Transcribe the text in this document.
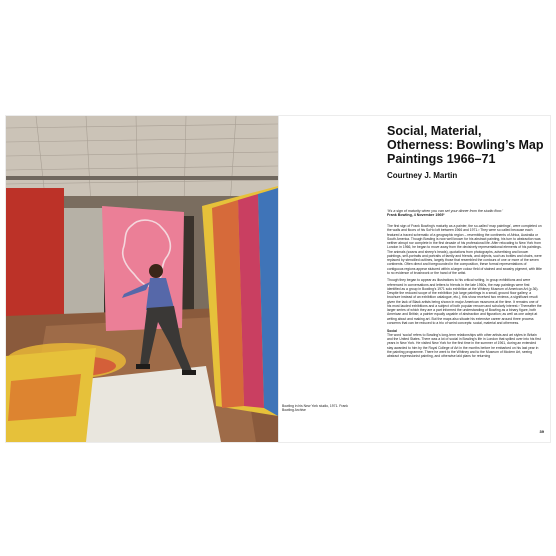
Social, Material, Otherness: Bowling’s Map Paintings 1966–71
Courtney J. Martin
‘It’s a sign of maturity when you can set your dinner from the studio floor.’
Frank Bowling, 4 November 1969¹

The first sign of Frank Bowling’s maturity as a painter, the so-called ‘map paintings’, were completed on the walls and floors of his SoHo loft between 1966 and 1971.² They were so called because each featured a traced schematic of a geographic region – resembling the continents of Africa, Australia or South America. Though Bowling is now well known for his abstract painting, his turn to abstraction was neither abrupt nor complete in the first decade of his professional life. After relocating to New York from London in 1966, he began to move away from the decisively representational elements of his paintings. The animals (swans and sheep’s heads), quotations from photographs, advertising and known paintings, self-portraits and portraits of family and friends, and objects, such as bottles and chairs, were replaced by stencilled outlines, largely those that resembled the contours of one or more of the seven continents. Often direct and foregrounded in the composition, these formal representations of contiguous regions appear stutured within a larger colour field of stained and swashy pigment, with little to no evidence of brushwork or the hand of the artist.

Though they began to appear as illustrations to his critical writing, in group exhibitions and were referenced in conversations and letters to friends in the late 1960s, the map paintings were first identified as a group in Bowling’s 1971 solo exhibition at the Whitney Museum of American Art (p.36). Despite the reduced scope of the exhibition (six large paintings in a small, ground floor gallery; a brochure instead of an exhibition catalogue, etc.), this show received two reviews, a significant result given the lack of Black artists being shown in major American museums at the time. It remains one of his most lauded exhibitions and a subject of both popular renown and scholarly interest.³ Thereafter the larger series of which they are a part informed the understanding of Bowling as a binary figure, both American and British; a painter equally capable of abstraction and figuration; as well as one adept at writing about and making art. But the maps also situate his extensive career around three process concerns that can be reduced to a trio of weird concepts: social, material and otherness.

Social

The word ‘social’ refers to Bowling’s long-term relationships with other artists and art styles in Britain and the United States. There was a lot of social in Bowling’s life in London that spilled over into his first years in New York. He visited New York for the first time in the summer of 1961, during an extended stay awarded to him by the Royal College of Art in the months before he embarked on his last year in the painting programme. There he went to the Whitney and to the Museum of Modern Art, seeing abstract expressionist painting, and otherwise laid plans for returning

39
Bowling in his New York studio, 1971. Frank Bowling Archive
